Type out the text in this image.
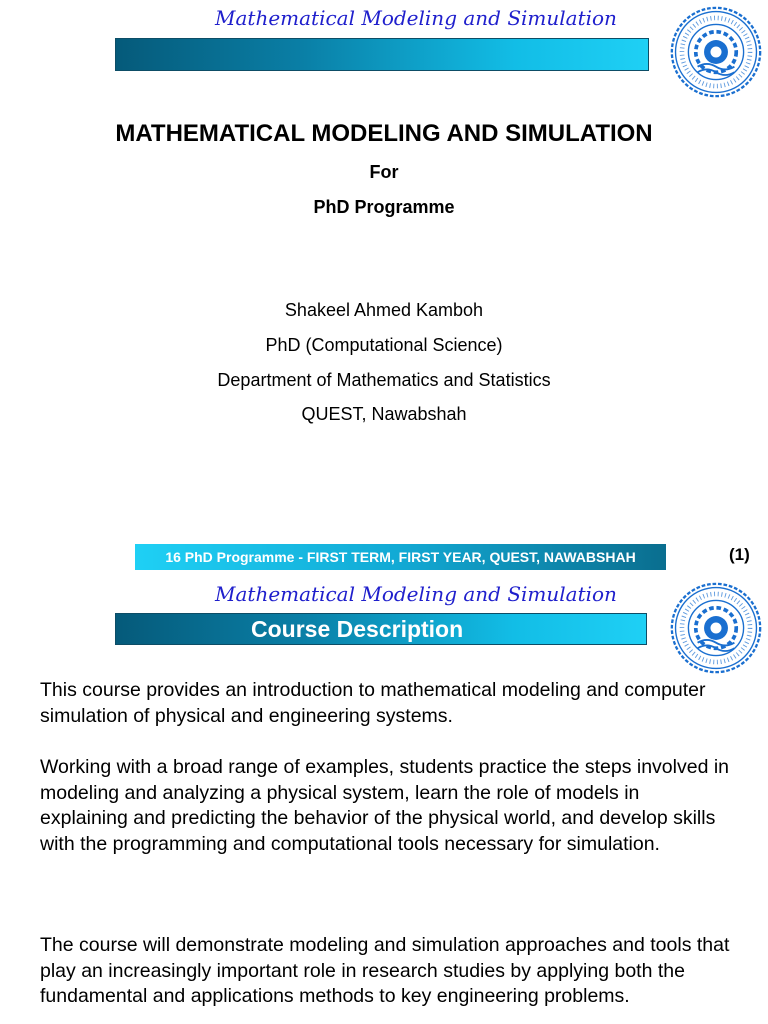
Mathematical Modeling and Simulation
MATHEMATICAL MODELING AND SIMULATION
For
PhD Programme
Shakeel Ahmed Kamboh
PhD (Computational Science)
Department of Mathematics and Statistics
QUEST, Nawabshah
16 PhD Programme - FIRST TERM, FIRST YEAR, QUEST, NAWABSHAH	(1)
Mathematical Modeling and Simulation
Course Description
This course provides an introduction to mathematical modeling and computer simulation of physical and engineering systems.
Working with a broad range of examples, students practice the steps involved in modeling and analyzing a physical system, learn the role of models in explaining and predicting the behavior of the physical world, and develop skills with the programming and computational tools necessary for simulation.
The course will demonstrate modeling and simulation approaches and tools that play an increasingly important role in research studies by applying both the fundamental and applications methods to key engineering problems.
